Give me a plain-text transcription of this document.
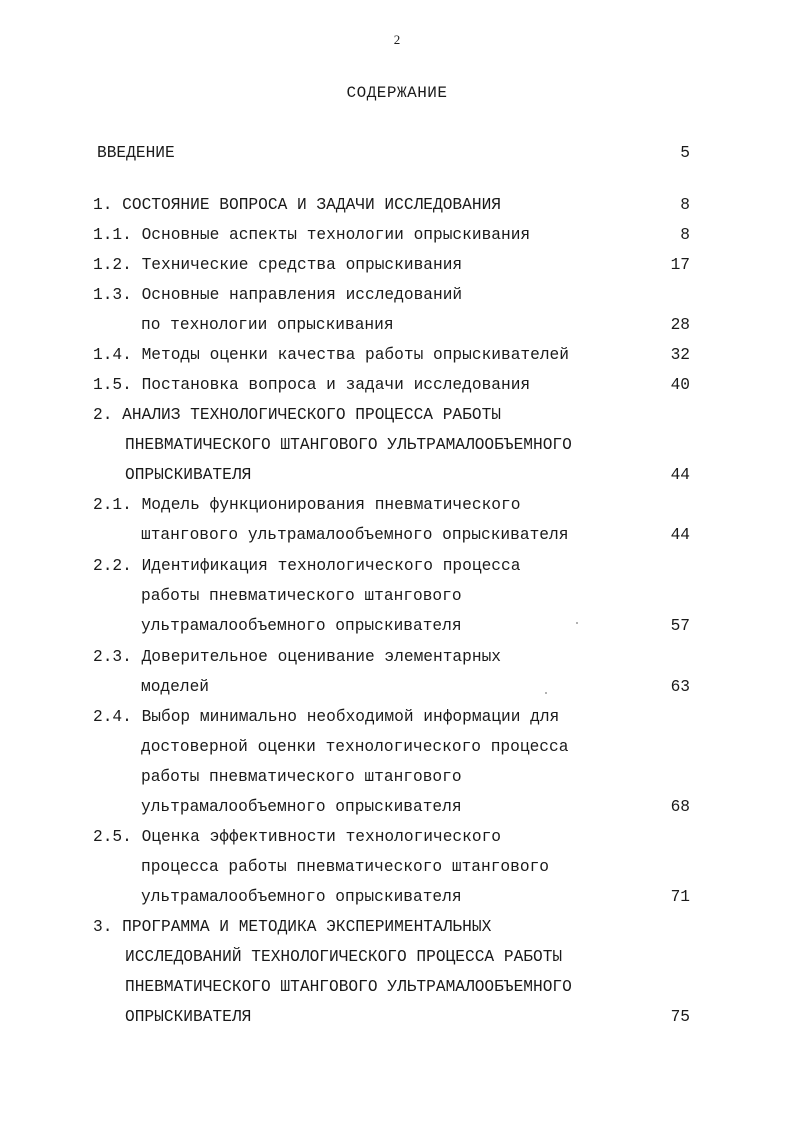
2
СОДЕРЖАНИЕ
ВВЕДЕНИЕ	5
1. СОСТОЯНИЕ ВОПРОСА И ЗАДАЧИ ИССЛЕДОВАНИЯ	8
1.1. Основные аспекты технологии опрыскивания	8
1.2. Технические средства опрыскивания	17
1.3. Основные направления исследований
по технологии опрыскивания	28
1.4. Методы оценки качества работы опрыскивателей	32
1.5. Постановка вопроса и задачи исследования	40
2. АНАЛИЗ ТЕХНОЛОГИЧЕСКОГО ПРОЦЕССА РАБОТЫ
ПНЕВМАТИЧЕСКОГО ШТАНГОВОГО УЛЬТРАМАЛООБЪЕМНОГО
ОПРЫСКИВАТЕЛЯ	44
2.1. Модель функционирования пневматического
штангового ультрамалообъемного опрыскивателя	44
2.2. Идентификация технологического процесса
работы пневматического штангового
ультрамалообъемного опрыскивателя	57
2.3. Доверительное оценивание элементарных
моделей	63
2.4. Выбор минимально необходимой информации для
достоверной оценки технологического процесса
работы пневматического штангового
ультрамалообъемного опрыскивателя	68
2.5. Оценка эффективности технологического
процесса работы пневматического штангового
ультрамалообъемного опрыскивателя	71
3. ПРОГРАММА И МЕТОДИКА ЭКСПЕРИМЕНТАЛЬНЫХ
ИССЛЕДОВАНИЙ ТЕХНОЛОГИЧЕСКОГО ПРОЦЕССА РАБОТЫ
ПНЕВМАТИЧЕСКОГО ШТАНГОВОГО УЛЬТРАМАЛООБЪЕМНОГО
ОПРЫСКИВАТЕЛЯ	75
